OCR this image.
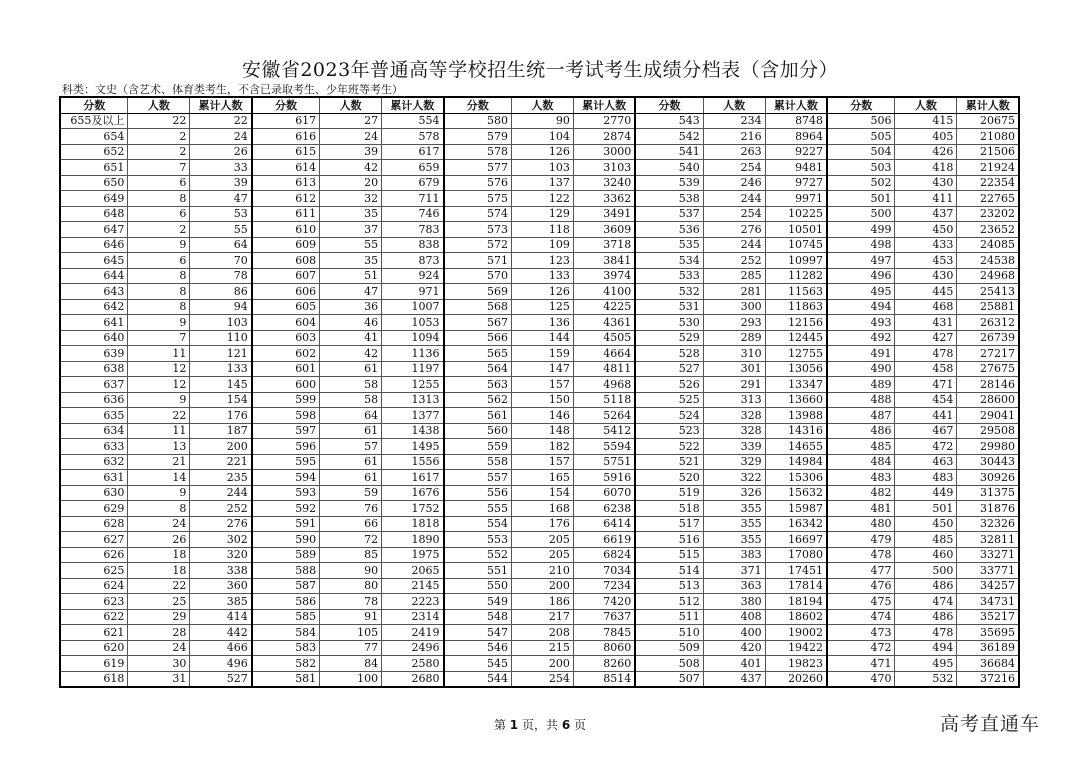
安徽省2023年普通高等学校招生统一考试考生成绩分档表（含加分）
科类：文史（含艺术、体育类考生，不含已录取考生、少年班等考生）
分数	人数	累计人数	分数	人数	累计人数	分数	人数	累计人数	分数	人数	累计人数	分数	人数	累计人数
655及以上	22	22	617	27	554	580	90	2770	543	234	8748	506	415	20675
654	2	24	616	24	578	579	104	2874	542	216	8964	505	405	21080
652	2	26	615	39	617	578	126	3000	541	263	9227	504	426	21506
651	7	33	614	42	659	577	103	3103	540	254	9481	503	418	21924
650	6	39	613	20	679	576	137	3240	539	246	9727	502	430	22354
649	8	47	612	32	711	575	122	3362	538	244	9971	501	411	22765
648	6	53	611	35	746	574	129	3491	537	254	10225	500	437	23202
647	2	55	610	37	783	573	118	3609	536	276	10501	499	450	23652
646	9	64	609	55	838	572	109	3718	535	244	10745	498	433	24085
645	6	70	608	35	873	571	123	3841	534	252	10997	497	453	24538
644	8	78	607	51	924	570	133	3974	533	285	11282	496	430	24968
643	8	86	606	47	971	569	126	4100	532	281	11563	495	445	25413
642	8	94	605	36	1007	568	125	4225	531	300	11863	494	468	25881
641	9	103	604	46	1053	567	136	4361	530	293	12156	493	431	26312
640	7	110	603	41	1094	566	144	4505	529	289	12445	492	427	26739
639	11	121	602	42	1136	565	159	4664	528	310	12755	491	478	27217
638	12	133	601	61	1197	564	147	4811	527	301	13056	490	458	27675
637	12	145	600	58	1255	563	157	4968	526	291	13347	489	471	28146
636	9	154	599	58	1313	562	150	5118	525	313	13660	488	454	28600
635	22	176	598	64	1377	561	146	5264	524	328	13988	487	441	29041
634	11	187	597	61	1438	560	148	5412	523	328	14316	486	467	29508
633	13	200	596	57	1495	559	182	5594	522	339	14655	485	472	29980
632	21	221	595	61	1556	558	157	5751	521	329	14984	484	463	30443
631	14	235	594	61	1617	557	165	5916	520	322	15306	483	483	30926
630	9	244	593	59	1676	556	154	6070	519	326	15632	482	449	31375
629	8	252	592	76	1752	555	168	6238	518	355	15987	481	501	31876
628	24	276	591	66	1818	554	176	6414	517	355	16342	480	450	32326
627	26	302	590	72	1890	553	205	6619	516	355	16697	479	485	32811
626	18	320	589	85	1975	552	205	6824	515	383	17080	478	460	33271
625	18	338	588	90	2065	551	210	7034	514	371	17451	477	500	33771
624	22	360	587	80	2145	550	200	7234	513	363	17814	476	486	34257
623	25	385	586	78	2223	549	186	7420	512	380	18194	475	474	34731
622	29	414	585	91	2314	548	217	7637	511	408	18602	474	486	35217
621	28	442	584	105	2419	547	208	7845	510	400	19002	473	478	35695
620	24	466	583	77	2496	546	215	8060	509	420	19422	472	494	36189
619	30	496	582	84	2580	545	200	8260	508	401	19823	471	495	36684
618	31	527	581	100	2680	544	254	8514	507	437	20260	470	532	37216
第 1 页，共 6 页	高考直通车
